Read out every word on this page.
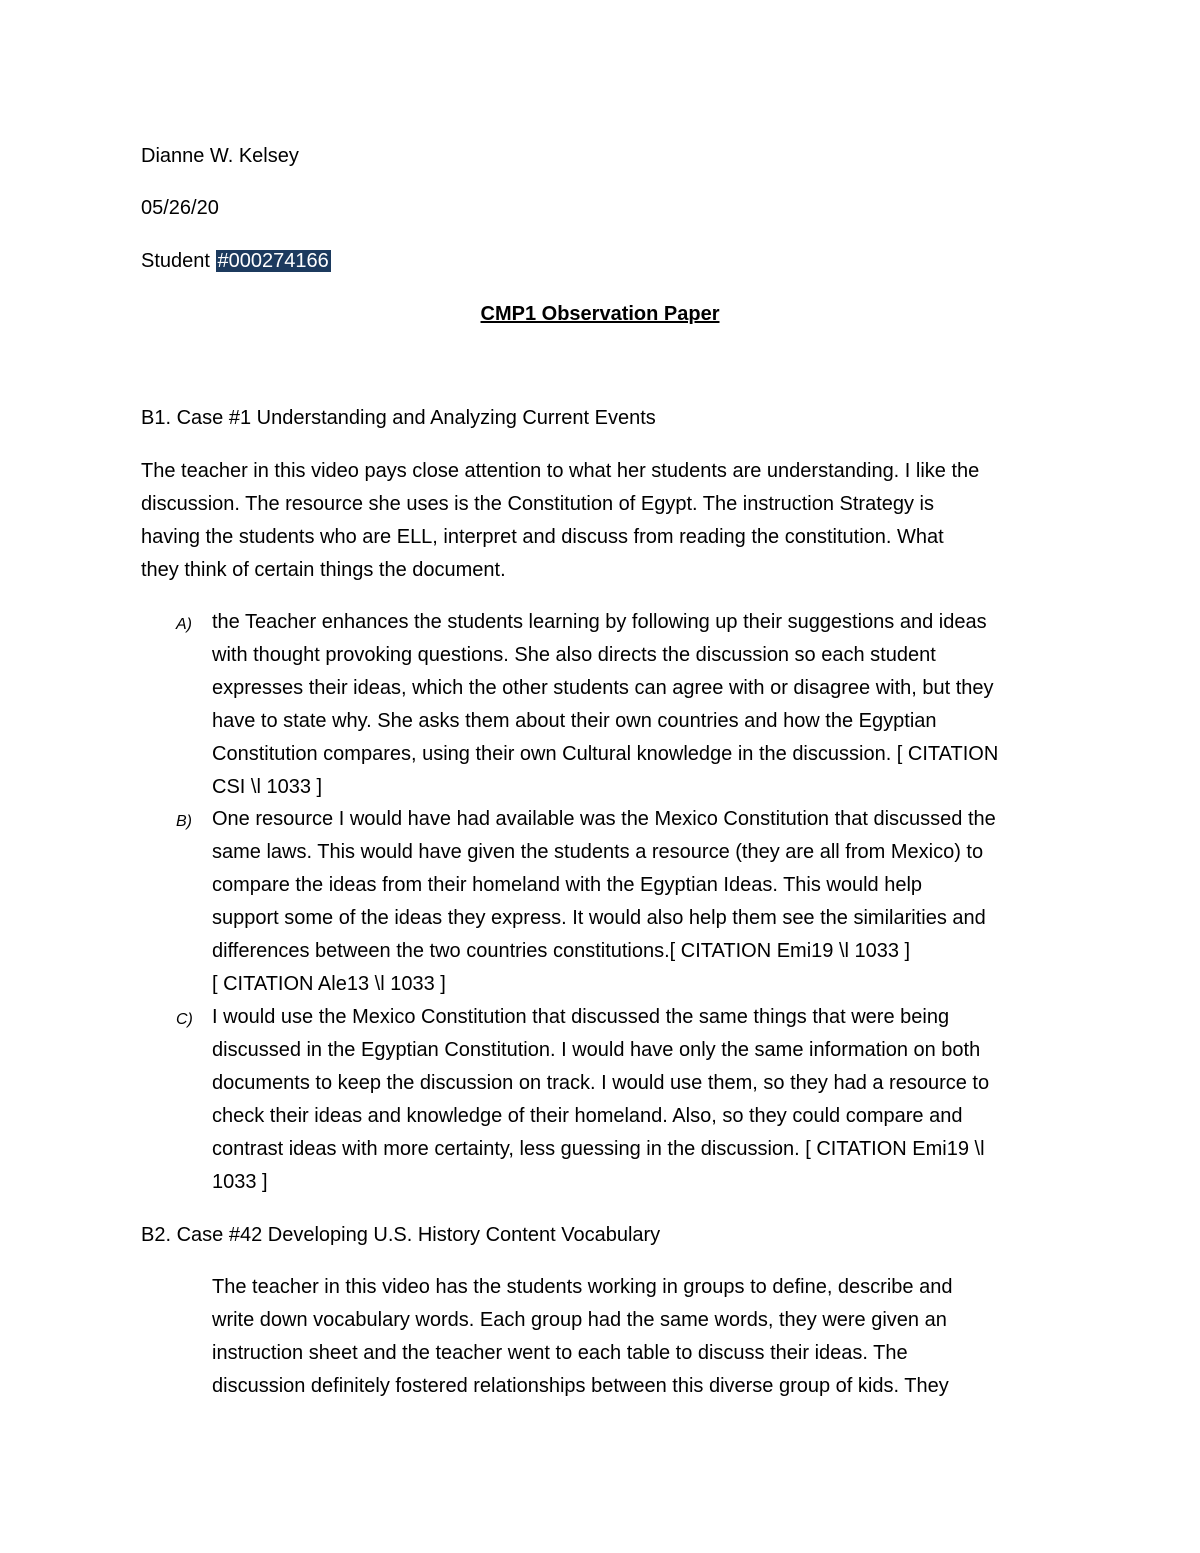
Dianne W. Kelsey
05/26/20
Student #000274166
CMP1 Observation Paper
B1. Case #1 Understanding and Analyzing Current Events
The teacher in this video pays close attention to what her students are understanding. I like the
discussion. The resource she uses is the Constitution of Egypt. The instruction Strategy is
having the students who are ELL, interpret and discuss from reading the constitution. What
they think of certain things the document.
A) the Teacher enhances the students learning by following up their suggestions and ideas
with thought provoking questions. She also directs the discussion so each student
expresses their ideas, which the other students can agree with or disagree with, but they
have to state why. She asks them about their own countries and how the Egyptian
Constitution compares, using their own Cultural knowledge in the discussion. [ CITATION
CSI \l 1033 ]
B) One resource I would have had available was the Mexico Constitution that discussed the
same laws. This would have given the students a resource (they are all from Mexico) to
compare the ideas from their homeland with the Egyptian Ideas. This would help
support some of the ideas they express. It would also help them see the similarities and
differences between the two countries constitutions.[ CITATION Emi19 \l 1033 ]
[ CITATION Ale13 \l 1033 ]
C) I would use the Mexico Constitution that discussed the same things that were being
discussed in the Egyptian Constitution. I would have only the same information on both
documents to keep the discussion on track. I would use them, so they had a resource to
check their ideas and knowledge of their homeland. Also, so they could compare and
contrast ideas with more certainty, less guessing in the discussion. [ CITATION Emi19 \l
1033 ]
B2. Case #42 Developing U.S. History Content Vocabulary
The teacher in this video has the students working in groups to define, describe and
write down vocabulary words. Each group had the same words, they were given an
instruction sheet and the teacher went to each table to discuss their ideas. The
discussion definitely fostered relationships between this diverse group of kids. They
